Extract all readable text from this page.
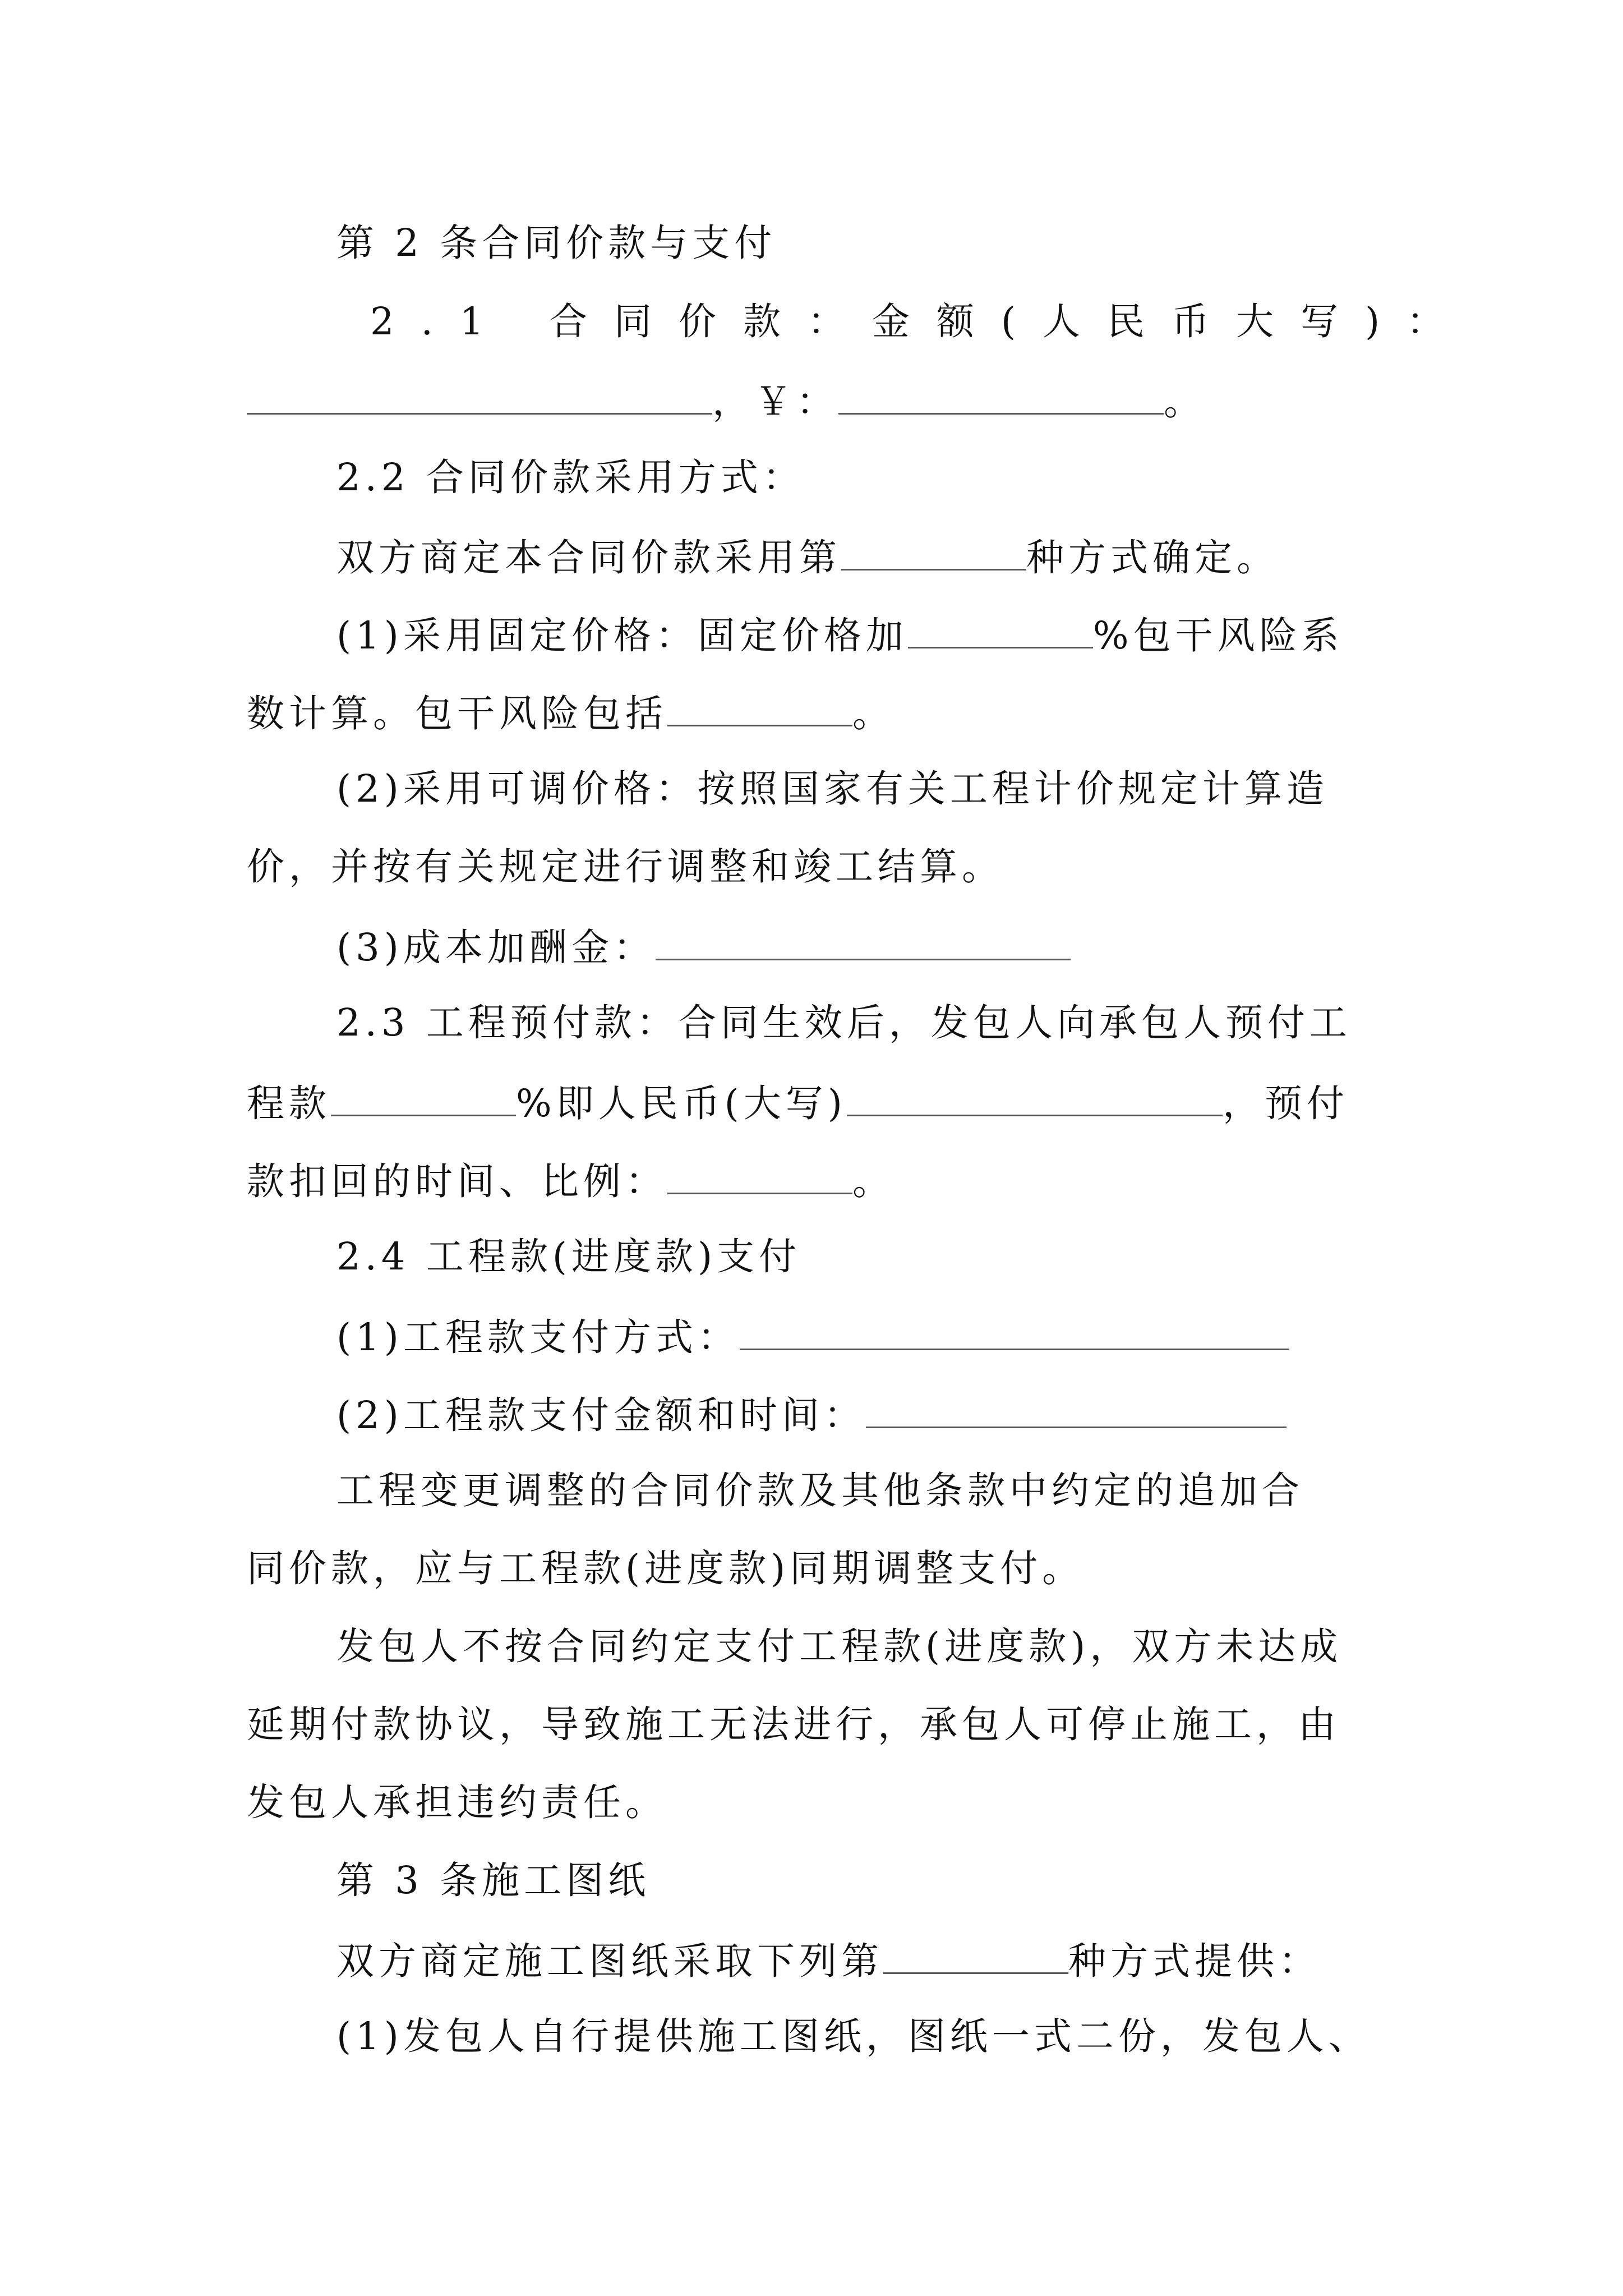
第 2 条合同价款与支付
2.1 合同价款：金额(人民币大写)：
，￥：	。
2.2 合同价款采用方式：
双方商定本合同价款采用第	种方式确定。
(1)采用固定价格：固定价格加	%包干风险系
数计算。包干风险包括	。
(2)采用可调价格：按照国家有关工程计价规定计算造
价，并按有关规定进行调整和竣工结算。
(3)成本加酬金：
2.3 工程预付款：合同生效后，发包人向承包人预付工
程款	%即人民币(大写)	，预付
款扣回的时间、比例：	。
2.4 工程款(进度款)支付
(1)工程款支付方式：
(2)工程款支付金额和时间：
工程变更调整的合同价款及其他条款中约定的追加合
同价款，应与工程款(进度款)同期调整支付。
发包人不按合同约定支付工程款(进度款)，双方未达成
延期付款协议，导致施工无法进行，承包人可停止施工，由
发包人承担违约责任。
第 3 条施工图纸
双方商定施工图纸采取下列第	种方式提供：
(1)发包人自行提供施工图纸，图纸一式二份，发包人、
